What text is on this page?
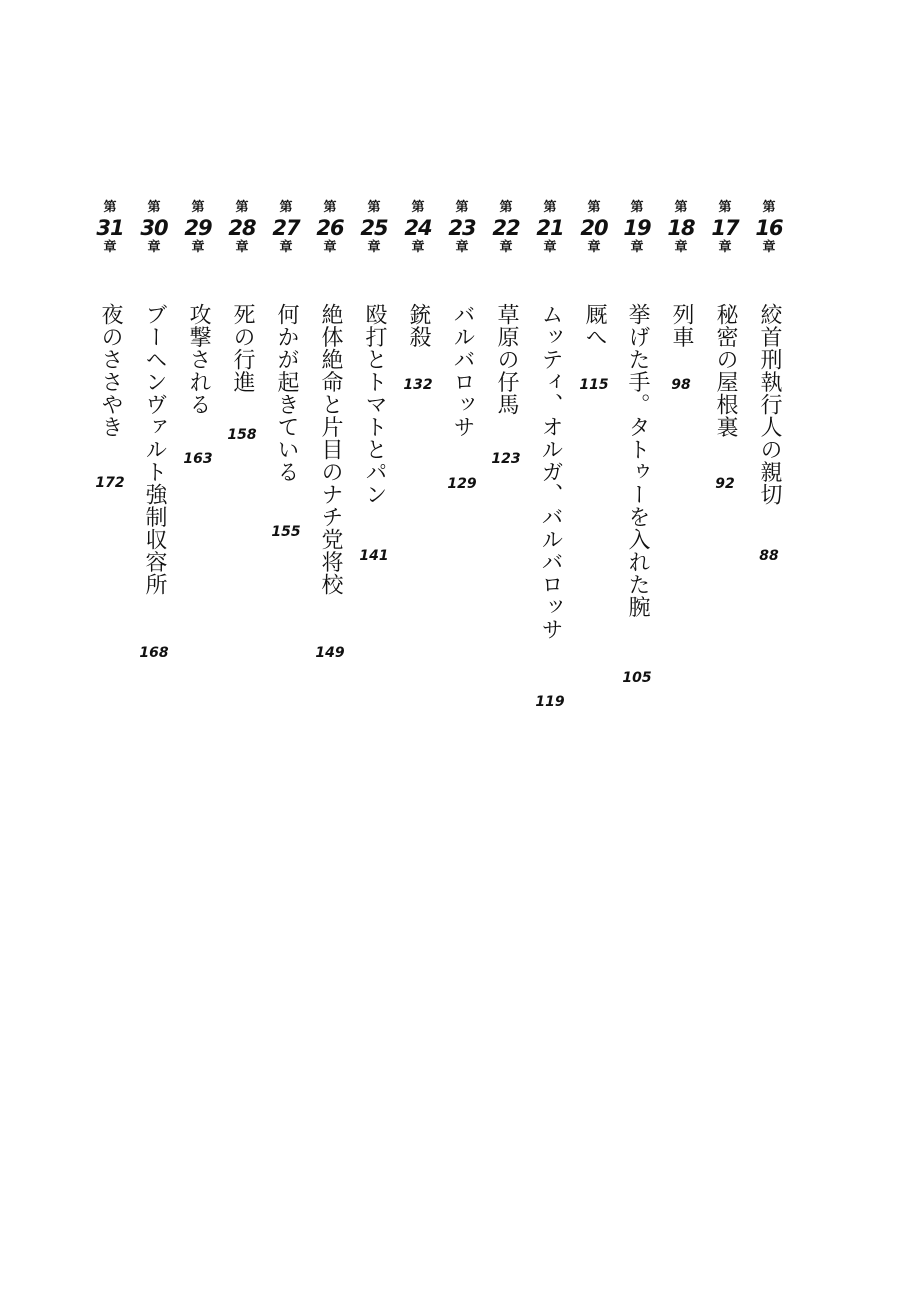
第
16
章
絞首刑執行人の親切
88
第
17
章
秘密の屋根裏
92
第
18
章
列車
98
第
19
章
挙げた手。タトゥーを入れた腕
105
第
20
章
厩へ
115
第
21
章
ムッティ、オルガ、バルバロッサ
119
第
22
章
草原の仔馬
123
第
23
章
バルバロッサ
129
第
24
章
銃殺
132
第
25
章
殴打とトマトとパン
141
第
26
章
絶体絶命と片目のナチ党将校
149
第
27
章
何かが起きている
155
第
28
章
死の行進
158
第
29
章
攻撃される
163
第
30
章
ブーヘンヴァルト強制収容所
168
第
31
章
夜のささやき
172
